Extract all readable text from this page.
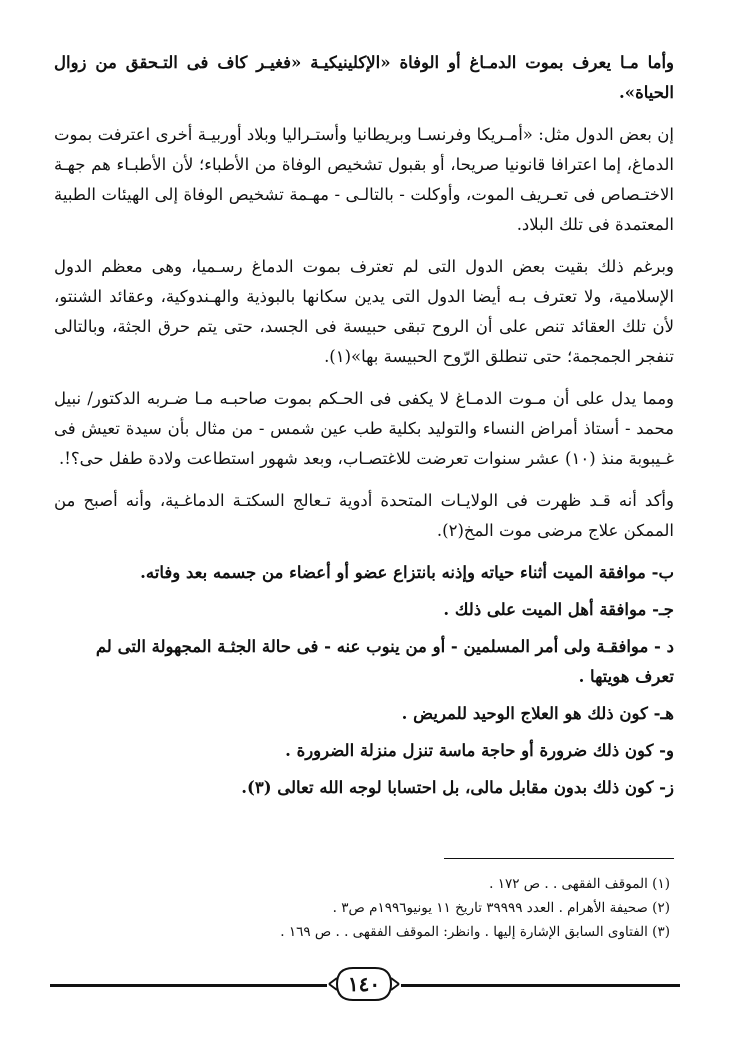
وأما مـا يعرف بموت الدمـاغ أو الوفاة «الإكلينيكيـة «فغيـر كاف فى التـحقق من زوال الحياة».

إن بعض الدول مثل: «أمـريكا وفرنسـا وبريطانيا وأستـراليا وبلاد أوربيـة أخرى اعترفت بموت الدماغ، إما اعترافا قانونيا صريحا، أو بقبول تشخيص الوفاة من الأطباء؛ لأن الأطبـاء هم جهـة الاختـصاص فى تعـريف الموت، وأوكلت - بالتالـى - مهـمة تشخيص الوفاة إلى الهيئات الطبية المعتمدة فى تلك البلاد.

وبرغم ذلك بقيت بعض الدول التى لم تعترف بموت الدماغ رسـميا، وهى معظم الدول الإسلامية، ولا تعترف بـه أيضا الدول التى يدين سكانها بالبوذية والهـندوكية، وعقائد الشنتو، لأن تلك العقائد تنص على أن الروح تبقى حبيسة فى الجسد، حتى يتم حرق الجثة، وبالتالى تنفجر الجمجمة؛ حتى تنطلق الرّوح الحبيسة بها»(١).

ومما يدل على أن مـوت الدمـاغ لا يكفى فى الحـكم بموت صاحبـه مـا ضـربه الدكتور/ نبيل محمد - أستاذ أمراض النساء والتوليد بكلية طب عين شمس - من مثال بأن سيدة تعيش فى غـيبوبة منذ (١٠) عشر سنوات تعرضت للاغتصـاب، وبعد شهور استطاعت ولادة طفل حى؟!.

وأكد أنه قـد ظهرت فى الولايـات المتحدة أدوية تـعالج السكتـة الدماغـية، وأنه أصبح من الممكن علاج مرضى موت المخ(٢).

ب- موافقة الميت أثناء حياته وإذنه بانتزاع عضو أو أعضاء من جسمه بعد وفاته.
جـ- موافقة أهل الميت على ذلك .
د - موافقـة ولى أمر المسلمين - أو من ينوب عنه - فى حالة الجثـة المجهولة التى لم تعرف هويتها .
هـ- كون ذلك هو العلاج الوحيد للمريض .
و- كون ذلك ضرورة أو حاجة ماسة تنزل منزلة الضرورة .
ز- كون ذلك بدون مقابل مالى، بل احتسابا لوجه الله تعالى (٣).

(١) الموقف الفقهى . . ص ١٧٢ .

(٢) صحيفة الأهرام . العدد ٣٩٩٩٩ تاريخ ١١ يونيو١٩٩٦م ص٣ .

(٣) الفتاوى السابق الإشارة إليها . وانظر: الموقف الفقهى . . ص ١٦٩ .

١٤٠
